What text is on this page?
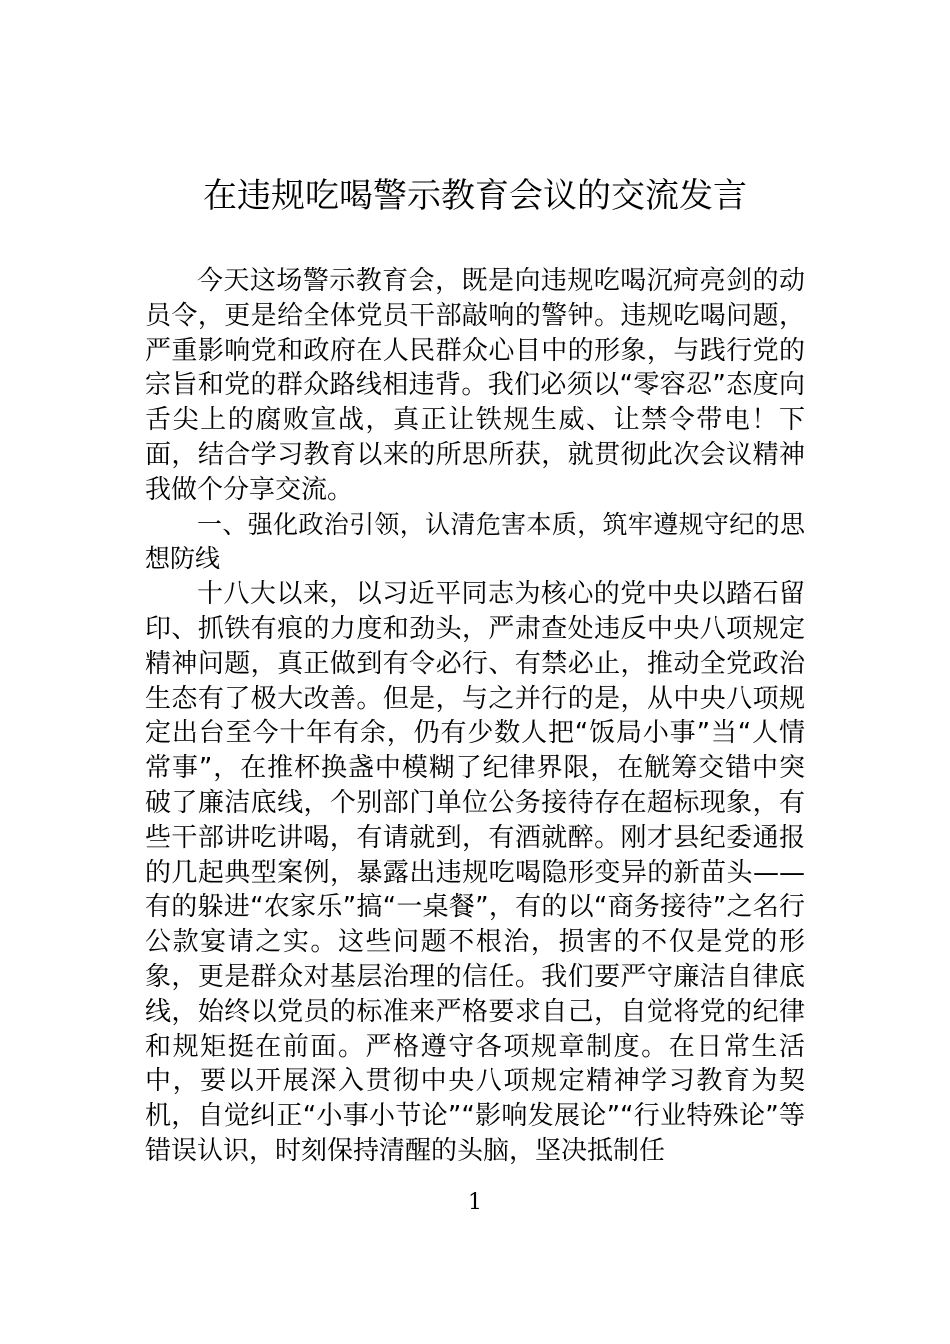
在违规吃喝警示教育会议的交流发言

今天这场警示教育会，既是向违规吃喝沉疴亮剑的动员令，更是给全体党员干部敲响的警钟。违规吃喝问题，严重影响党和政府在人民群众心目中的形象，与践行党的宗旨和党的群众路线相违背。我们必须以“零容忍”态度向舌尖上的腐败宣战，真正让铁规生威、让禁令带电！下面，结合学习教育以来的所思所获，就贯彻此次会议精神我做个分享交流。

一、强化政治引领，认清危害本质，筑牢遵规守纪的思想防线

十八大以来，以习近平同志为核心的党中央以踏石留印、抓铁有痕的力度和劲头，严肃查处违反中央八项规定精神问题，真正做到有令必行、有禁必止，推动全党政治生态有了极大改善。但是，与之并行的是，从中央八项规定出台至今十年有余，仍有少数人把“饭局小事”当“人情常事”，在推杯换盏中模糊了纪律界限，在觥筹交错中突破了廉洁底线，个别部门单位公务接待存在超标现象，有些干部讲吃讲喝，有请就到，有酒就醉。刚才县纪委通报的几起典型案例，暴露出违规吃喝隐形变异的新苗头——有的躲进“农家乐”搞“一桌餐”，有的以“商务接待”之名行公款宴请之实。这些问题不根治，损害的不仅是党的形象，更是群众对基层治理的信任。我们要严守廉洁自律底线，始终以党员的标准来严格要求自己，自觉将党的纪律和规矩挺在前面。严格遵守各项规章制度。在日常生活中，要以开展深入贯彻中央八项规定精神学习教育为契机，自觉纠正“小事小节论”“影响发展论”“行业特殊论”等错误认识，时刻保持清醒的头脑，坚决抵制任

1
